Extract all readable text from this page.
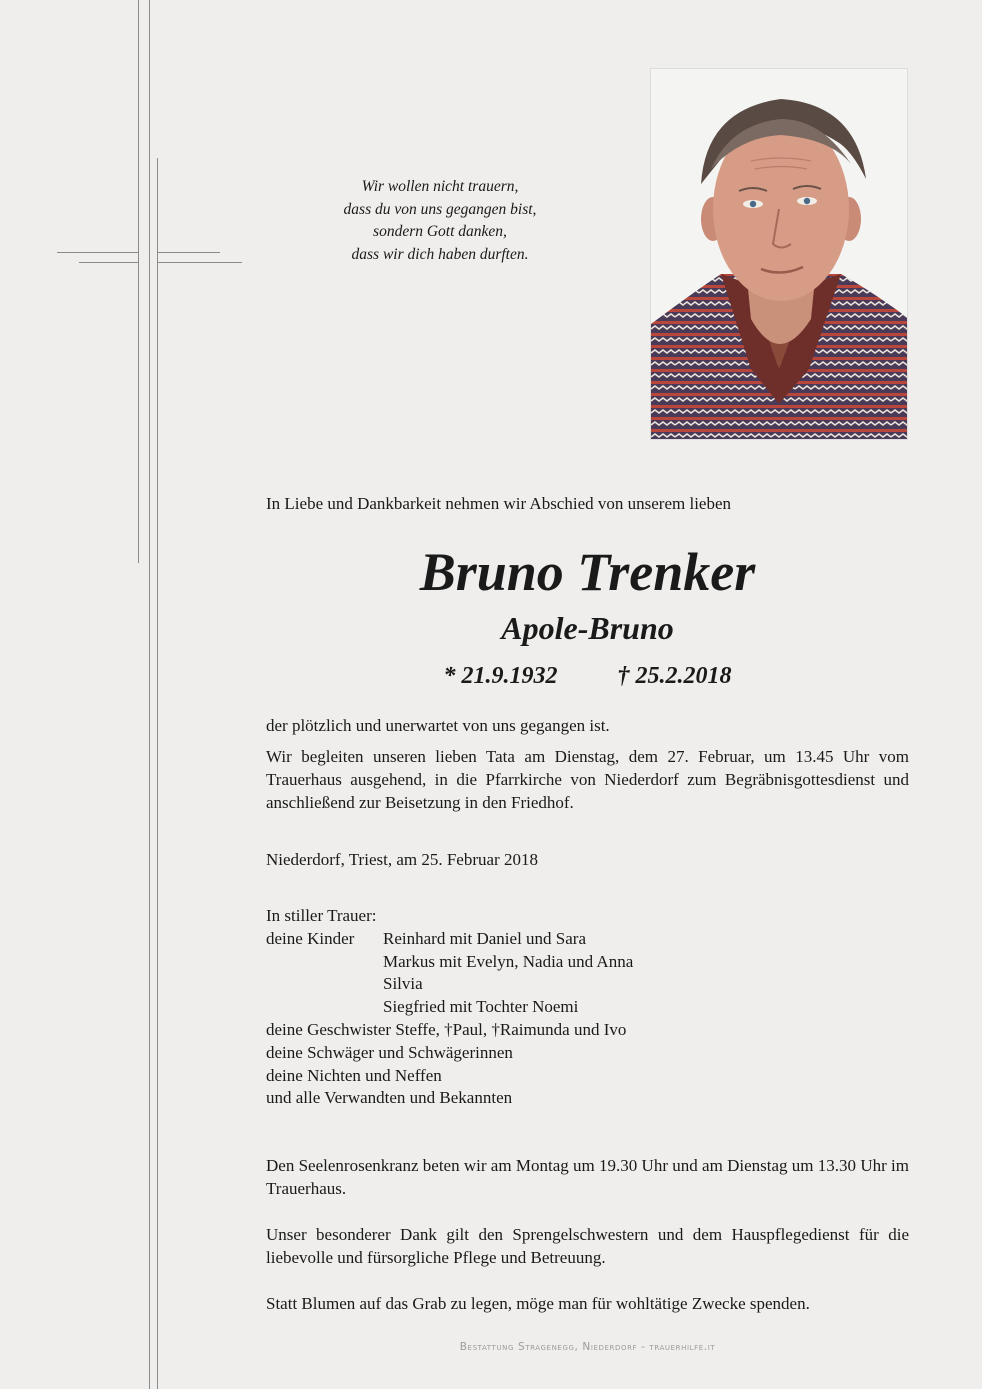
Wir wollen nicht trauern,
dass du von uns gegangen bist,
sondern Gott danken,
dass wir dich haben durften.
In Liebe und Dankbarkeit nehmen wir Abschied von unserem lieben
Bruno Trenker
Apole-Bruno
* 21.9.1932	† 25.2.2018
der plötzlich und unerwartet von uns gegangen ist.
Wir begleiten unseren lieben Tata am Dienstag, dem 27. Februar, um 13.45 Uhr vom Trauerhaus ausgehend, in die Pfarrkirche von Niederdorf zum Begräbnisgottesdienst und anschließend zur Beisetzung in den Friedhof.
Niederdorf, Triest, am 25. Februar 2018
In stiller Trauer:
deine Kinder	Reinhard mit Daniel und Sara
Markus mit Evelyn, Nadia und Anna
Silvia
Siegfried mit Tochter Noemi
deine Geschwister Steffe, †Paul, †Raimunda und Ivo
deine Schwäger und Schwägerinnen
deine Nichten und Neffen
und alle Verwandten und Bekannten
Den Seelenrosenkranz beten wir am Montag um 19.30 Uhr und am Dienstag um 13.30 Uhr im Trauerhaus.
Unser besonderer Dank gilt den Sprengelschwestern und dem Hauspflegedienst für die liebevolle und fürsorgliche Pflege und Betreuung.
Statt Blumen auf das Grab zu legen, möge man für wohltätige Zwecke spenden.
Bestattung Stragenegg, Niederdorf - trauerhilfe.it
